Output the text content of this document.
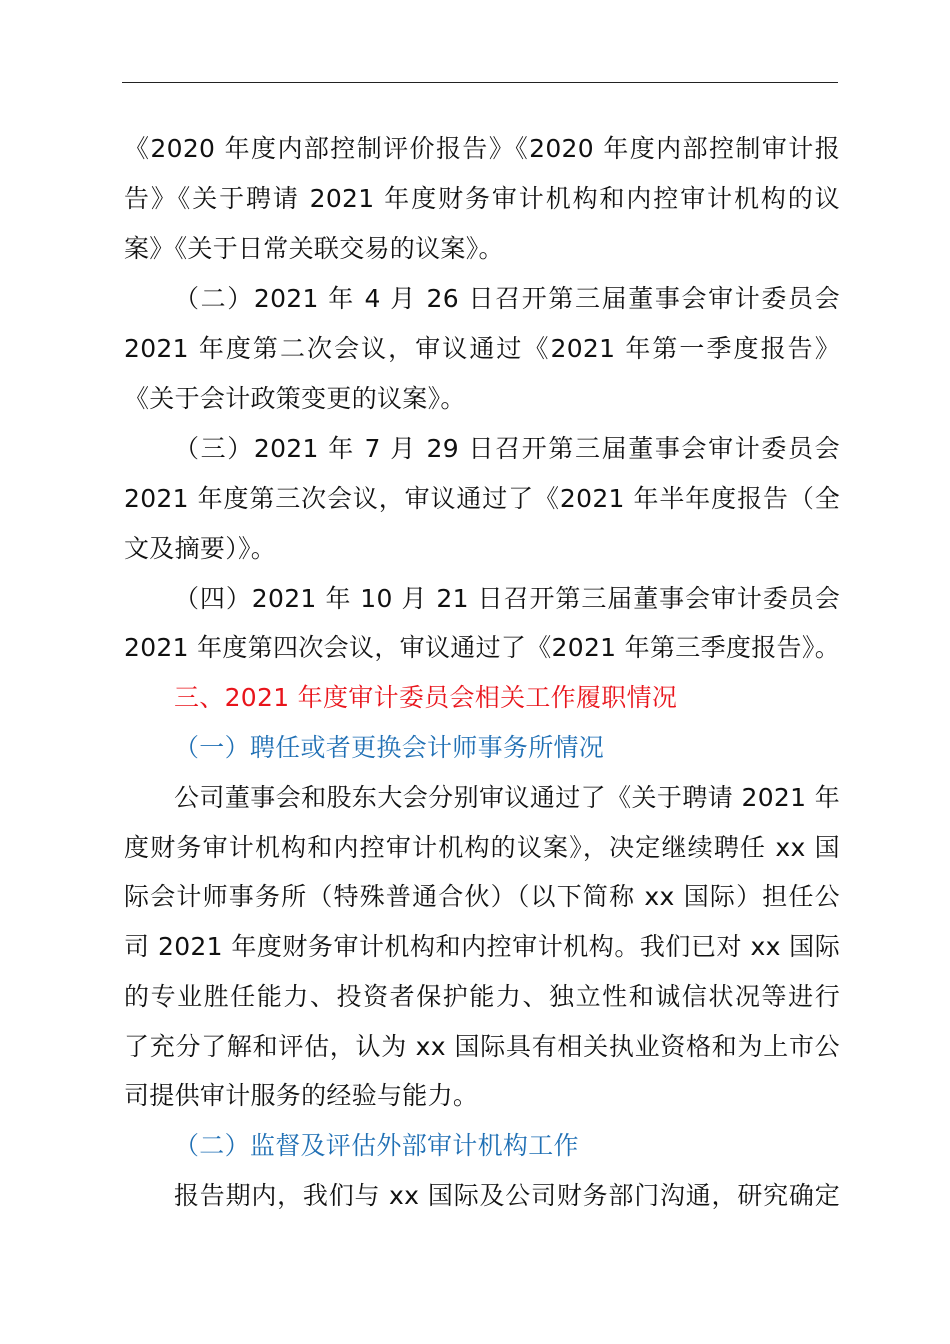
《2020 年度内部控制评价报告》《2020 年度内部控制审计报
告》《关于聘请 2021 年度财务审计机构和内控审计机构的议
案》《关于日常关联交易的议案》。
（二）2021 年 4 月 26 日召开第三届董事会审计委员会
2021 年度第二次会议，审议通过《2021 年第一季度报告》
《关于会计政策变更的议案》。
（三）2021 年 7 月 29 日召开第三届董事会审计委员会
2021 年度第三次会议，审议通过了《2021 年半年度报告（全
文及摘要）》。
（四）2021 年 10 月 21 日召开第三届董事会审计委员会
2021 年度第四次会议，审议通过了《2021 年第三季度报告》。
三、2021 年度审计委员会相关工作履职情况
（一）聘任或者更换会计师事务所情况
公司董事会和股东大会分别审议通过了《关于聘请 2021 年
度财务审计机构和内控审计机构的议案》，决定继续聘任 xx 国
际会计师事务所（特殊普通合伙）（以下简称 xx 国际）担任公
司 2021 年度财务审计机构和内控审计机构。我们已对 xx 国际
的专业胜任能力、投资者保护能力、独立性和诚信状况等进行
了充分了解和评估，认为 xx 国际具有相关执业资格和为上市公
司提供审计服务的经验与能力。
（二）监督及评估外部审计机构工作
报告期内，我们与 xx 国际及公司财务部门沟通，研究确定
